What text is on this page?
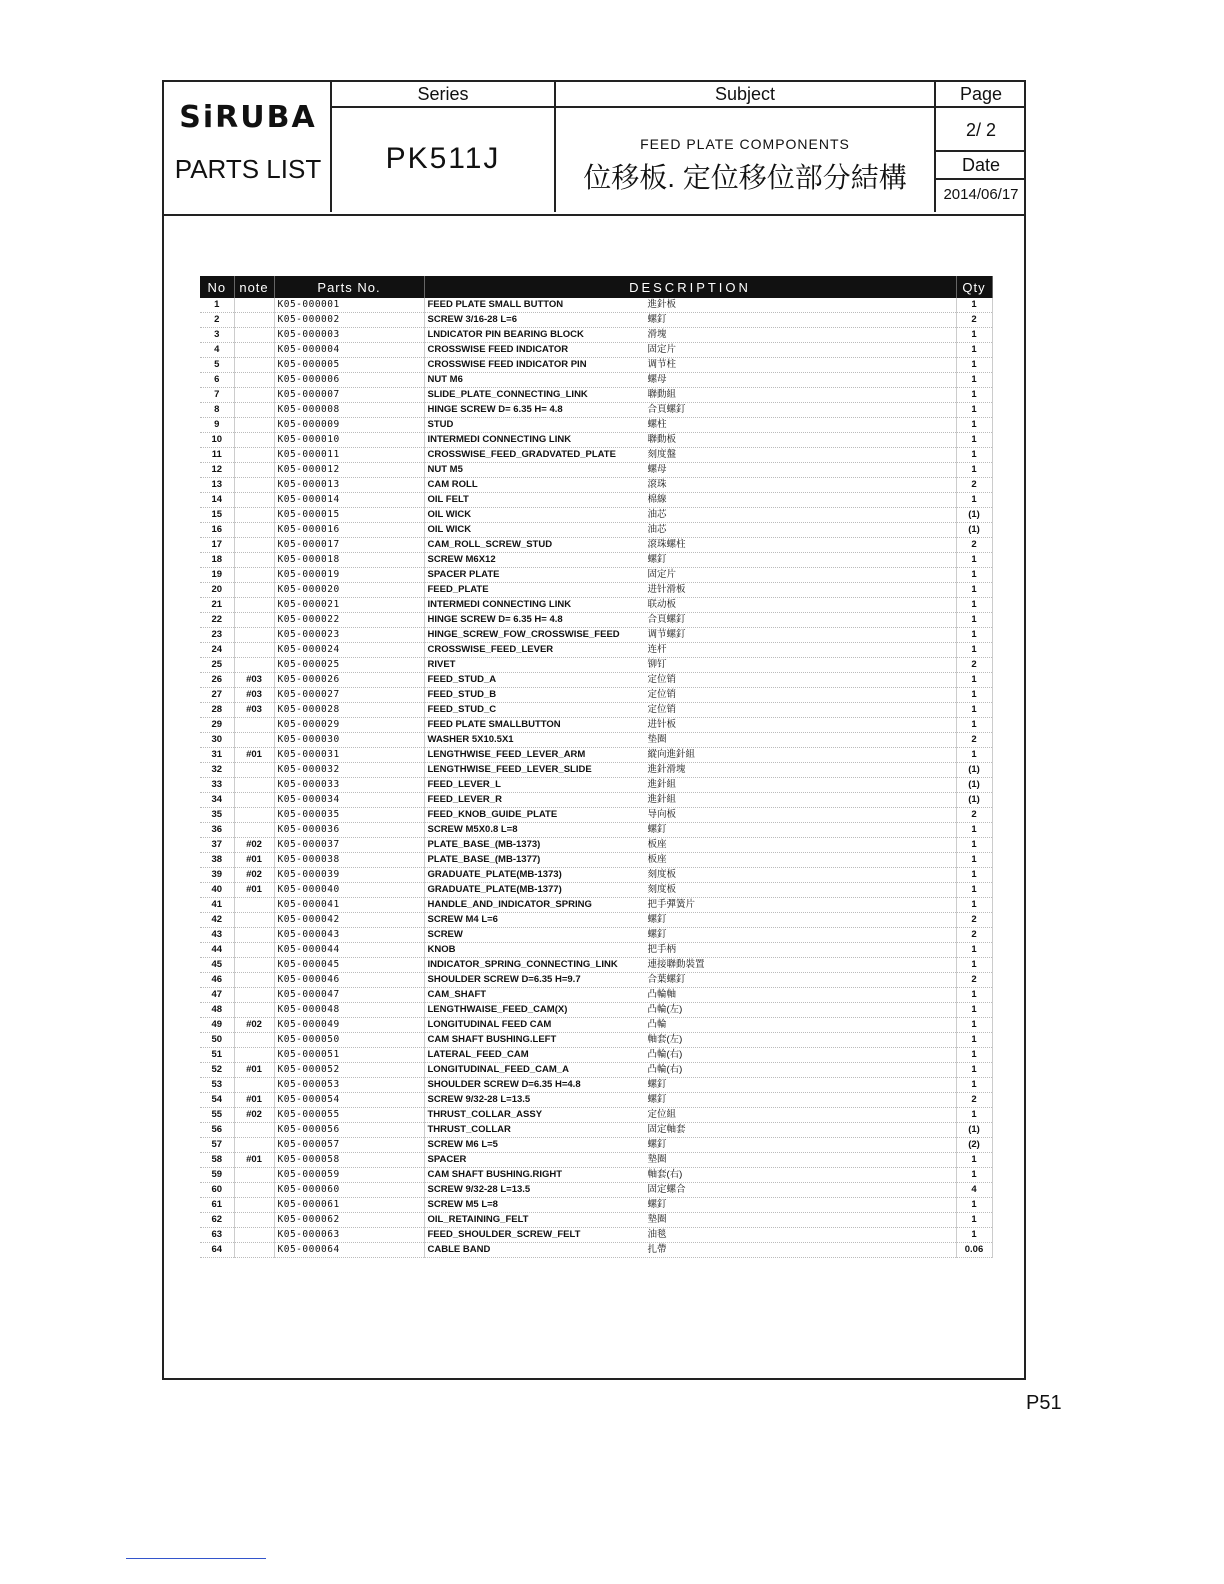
SiRUBA
PARTS LIST
Series
PK511J
Subject
FEED PLATE COMPONENTS
位移板. 定位移位部分結構
Page
2/ 2
Date
2014/06/17
No	note	Parts No.	DESCRIPTION	Qty
1		K05-000001	FEED PLATE SMALL BUTTON 進針板	1
2		K05-000002	SCREW 3/16-28 L=6 螺釘	2
3		K05-000003	LNDICATOR PIN BEARING BLOCK 滑塊	1
4		K05-000004	CROSSWISE FEED INDICATOR 固定片	1
5		K05-000005	CROSSWISE FEED INDICATOR PIN 调节柱	1
6		K05-000006	NUT M6 螺母	1
7		K05-000007	SLIDE_PLATE_CONNECTING_LINK 聯動組	1
8		K05-000008	HINGE SCREW D= 6.35 H= 4.8 合頁螺釘	1
9		K05-000009	STUD 螺柱	1
10		K05-000010	INTERMEDI CONNECTING LINK 聯動板	1
11		K05-000011	CROSSWISE_FEED_GRADVATED_PLATE 刻度盤	1
12		K05-000012	NUT M5 螺母	1
13		K05-000013	CAM ROLL 滾珠	2
14		K05-000014	OIL FELT 棉線	1
15		K05-000015	OIL WICK 油芯	(1)
16		K05-000016	OIL WICK 油芯	(1)
17		K05-000017	CAM_ROLL_SCREW_STUD 滾珠螺柱	2
18		K05-000018	SCREW M6X12 螺釘	1
19		K05-000019	SPACER PLATE 固定片	1
20		K05-000020	FEED_PLATE 进针滑板	1
21		K05-000021	INTERMEDI CONNECTING LINK 联动板	1
22		K05-000022	HINGE SCREW D= 6.35 H= 4.8 合頁螺釘	1
23		K05-000023	HINGE_SCREW_FOW_CROSSWISE_FEED 调节螺釘	1
24		K05-000024	CROSSWISE_FEED_LEVER 连杆	1
25		K05-000025	RIVET 铆钉	2
26	#03	K05-000026	FEED_STUD_A 定位销	1
27	#03	K05-000027	FEED_STUD_B 定位销	1
28	#03	K05-000028	FEED_STUD_C 定位销	1
29		K05-000029	FEED PLATE SMALLBUTTON 进针板	1
30		K05-000030	WASHER 5X10.5X1 垫圈	2
31	#01	K05-000031	LENGTHWISE_FEED_LEVER_ARM 縱向進針組	1
32		K05-000032	LENGTHWISE_FEED_LEVER_SLIDE 進針滑塊	(1)
33		K05-000033	FEED_LEVER_L 進針組	(1)
34		K05-000034	FEED_LEVER_R 進針組	(1)
35		K05-000035	FEED_KNOB_GUIDE_PLATE 导向板	2
36		K05-000036	SCREW M5X0.8 L=8 螺釘	1
37	#02	K05-000037	PLATE_BASE_(MB-1373) 板座	1
38	#01	K05-000038	PLATE_BASE_(MB-1377) 板座	1
39	#02	K05-000039	GRADUATE_PLATE(MB-1373) 刻度板	1
40	#01	K05-000040	GRADUATE_PLATE(MB-1377) 刻度板	1
41		K05-000041	HANDLE_AND_INDICATOR_SPRING 把手彈簧片	1
42		K05-000042	SCREW M4 L=6 螺釘	2
43		K05-000043	SCREW 螺釘	2
44		K05-000044	KNOB 把手柄	1
45		K05-000045	INDICATOR_SPRING_CONNECTING_LINK 連接聯動裝置	1
46		K05-000046	SHOULDER SCREW D=6.35 H=9.7 合葉螺釘	2
47		K05-000047	CAM_SHAFT 凸輪軸	1
48		K05-000048	LENGTHWAISE_FEED_CAM(X) 凸輪(左)	1
49	#02	K05-000049	LONGITUDINAL FEED CAM 凸輪	1
50		K05-000050	CAM SHAFT BUSHING.LEFT 軸套(左)	1
51		K05-000051	LATERAL_FEED_CAM 凸輪(右)	1
52	#01	K05-000052	LONGITUDINAL_FEED_CAM_A 凸輪(右)	1
53		K05-000053	SHOULDER SCREW D=6.35 H=4.8 螺釘	1
54	#01	K05-000054	SCREW 9/32-28 L=13.5 螺釘	2
55	#02	K05-000055	THRUST_COLLAR_ASSY 定位組	1
56		K05-000056	THRUST_COLLAR 固定軸套	(1)
57		K05-000057	SCREW M6 L=5 螺釘	(2)
58	#01	K05-000058	SPACER 墊圈	1
59		K05-000059	CAM SHAFT BUSHING.RIGHT 軸套(右)	1
60		K05-000060	SCREW 9/32-28 L=13.5 固定螺合	4
61		K05-000061	SCREW M5 L=8 螺釘	1
62		K05-000062	OIL_RETAINING_FELT 墊圈	1
63		K05-000063	FEED_SHOULDER_SCREW_FELT 油毯	1
64		K05-000064	CABLE BAND 扎帶	0.06
P51
